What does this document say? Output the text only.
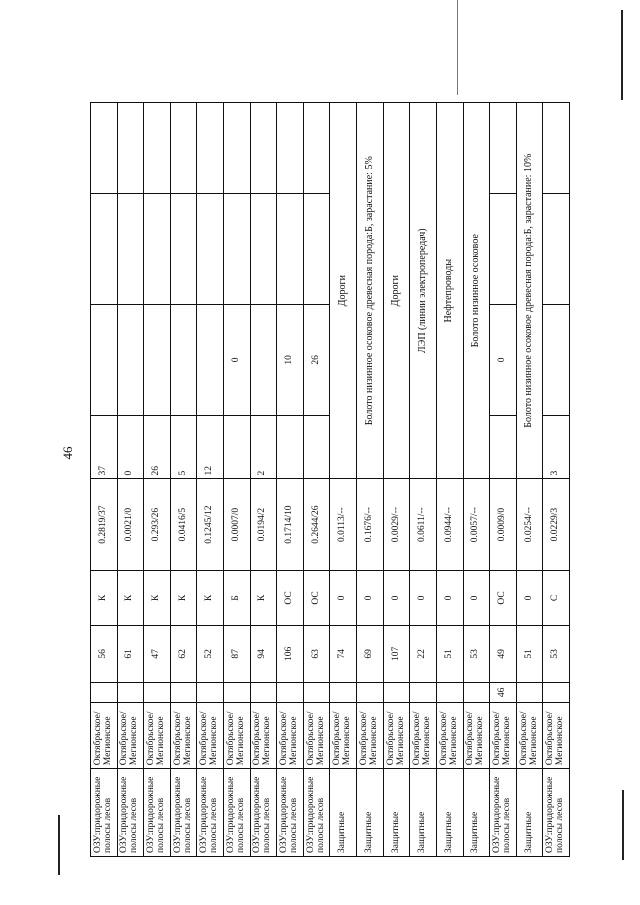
46
ОЗУ:придорожные полосы лесов	Октябрьское/ Мегионское		56	К	0.2819/37	37			
ОЗУ:придорожные полосы лесов	Октябрьское/ Мегионское		61	К	0.0021/0	0			
ОЗУ:придорожные полосы лесов	Октябрьское/ Мегионское		47	К	0.293/26	26			
ОЗУ:придорожные полосы лесов	Октябрьское/ Мегионское		62	К	0.0416/5	5			
ОЗУ:придорожные полосы лесов	Октябрьское/ Мегионское		52	К	0.1245/12	12			
ОЗУ:придорожные полосы лесов	Октябрьское/ Мегионское		87	Б	0.0007/0		0		
ОЗУ:придорожные полосы лесов	Октябрьское/ Мегионское		94	К	0.0194/2	2			
ОЗУ:придорожные полосы лесов	Октябрьское/ Мегионское		106	ОС	0.1714/10		10		
ОЗУ:придорожные полосы лесов	Октябрьское/ Мегионское		63	ОС	0.2644/26		26		
Защитные	Октябрьское/ Мегионское		74	0	0.0113/--	Дороги			
Защитные	Октябрьское/ Мегионское		69	0	0.1676/--	Болото низинное осоковое древесная порода:Б, зарастание: 5%			
Защитные	Октябрьское/ Мегионское		107	0	0.0029/--	Дороги			
Защитные	Октябрьское/ Мегионское		22	0	0.0611/--	ЛЭП (линии электропередач)			
Защитные	Октябрьское/ Мегионское		51	0	0.0944/--	Нефтепроводы			
Защитные	Октябрьское/ Мегионское		53	0	0.0057/--	Болото низинное осоковое			
ОЗУ:придорожные полосы лесов	Октябрьское/ Мегионское	46	49	ОС	0.0009/0		0		
Защитные	Октябрьское/ Мегионское		51	0	0.0254/--	Болото низинное осоковое древесная порода:Б, зарастание: 10%			
ОЗУ:придорожные полосы лесов	Октябрьское/ Мегионское		53	С	0.0229/3	3			
